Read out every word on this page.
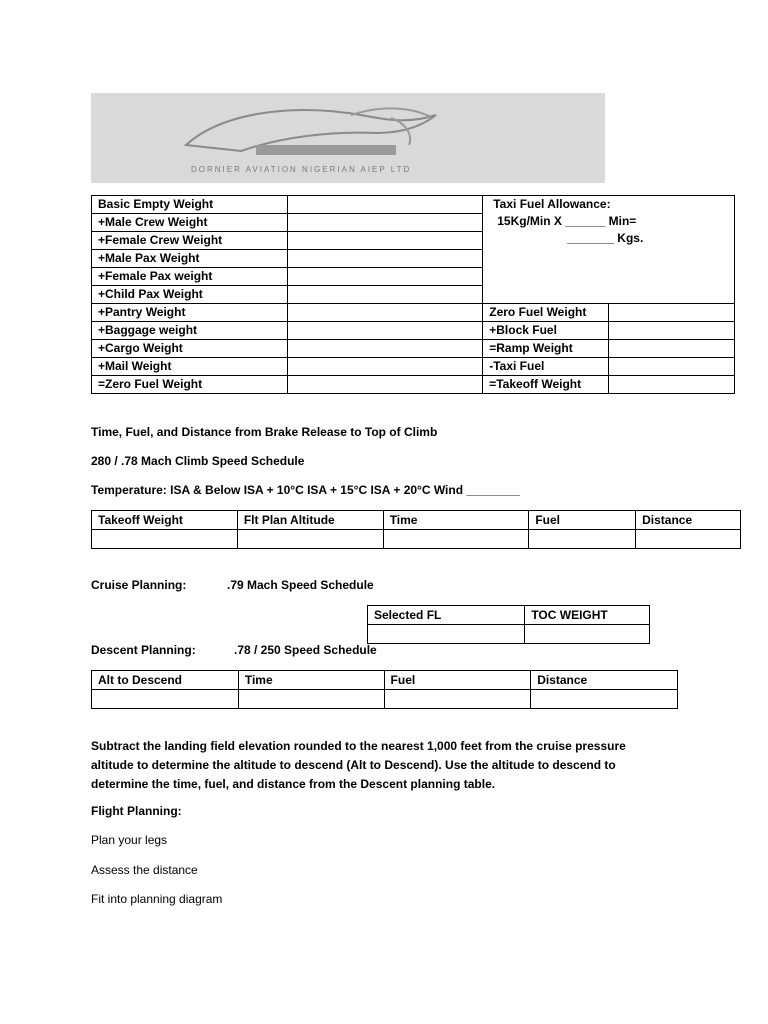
DORNIER AVIATION NIGERIAN AIEP LTD
Basic Empty Weight		Taxi Fuel Allowance:
15Kg/Min X ______ Min=
_______ Kgs.	

+Male Crew Weight			
+Female Crew Weight			
+Male Pax Weight			
+Female Pax weight			
+Child Pax Weight			
+Pantry Weight		Zero Fuel Weight	
+Baggage weight		+Block Fuel	
+Cargo Weight		=Ramp Weight	
+Mail Weight		-Taxi Fuel	
=Zero Fuel Weight		=Takeoff Weight	
Time, Fuel, and Distance from Brake Release to Top of Climb
280 / .78 Mach Climb Speed Schedule
Temperature: ISA & Below ISA + 10°C ISA + 15°C ISA + 20°C Wind ________
Takeoff Weight	Flt Plan Altitude	Time	Fuel	Distance

Cruise Planning:	.79 Mach Speed Schedule
Selected FL	TOC WEIGHT

Descent Planning:	.78 / 250 Speed Schedule
Alt to Descend	Time	Fuel	Distance

Subtract the landing field elevation rounded to the nearest 1,000 feet from the cruise pressure altitude to determine the altitude to descend (Alt to Descend). Use the altitude to descend to determine the time, fuel, and distance from the Descent planning table.
Flight Planning:
Plan your legs
Assess the distance
Fit into planning diagram
